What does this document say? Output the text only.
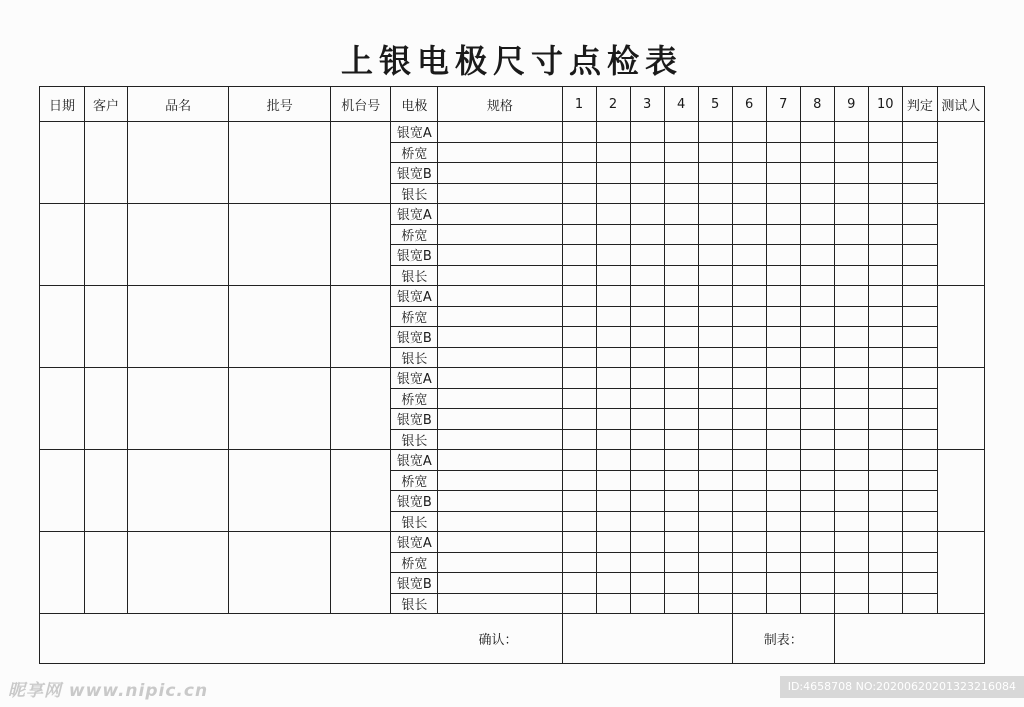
上银电极尺寸点检表
日期	客户	品名	批号	机台号	电极	规格	1	2	3	4	5	6	7	8	9	10	判定	测试人
					银宽A													
					桥宽													
					银宽B													
					银长													
					银宽A													
					桥宽													
					银宽B													
					银长													
					银宽A													
					桥宽													
					银宽B													
					银长													
					银宽A													
					桥宽													
					银宽B													
					银长													
					银宽A													
					桥宽													
					银宽B													
					银长													
					银宽A													
					桥宽													
					银宽B													
					银长													
确认：												制表：						
昵享网 www.nipic.cn	ID:4658708 NO:20200620201323216084
